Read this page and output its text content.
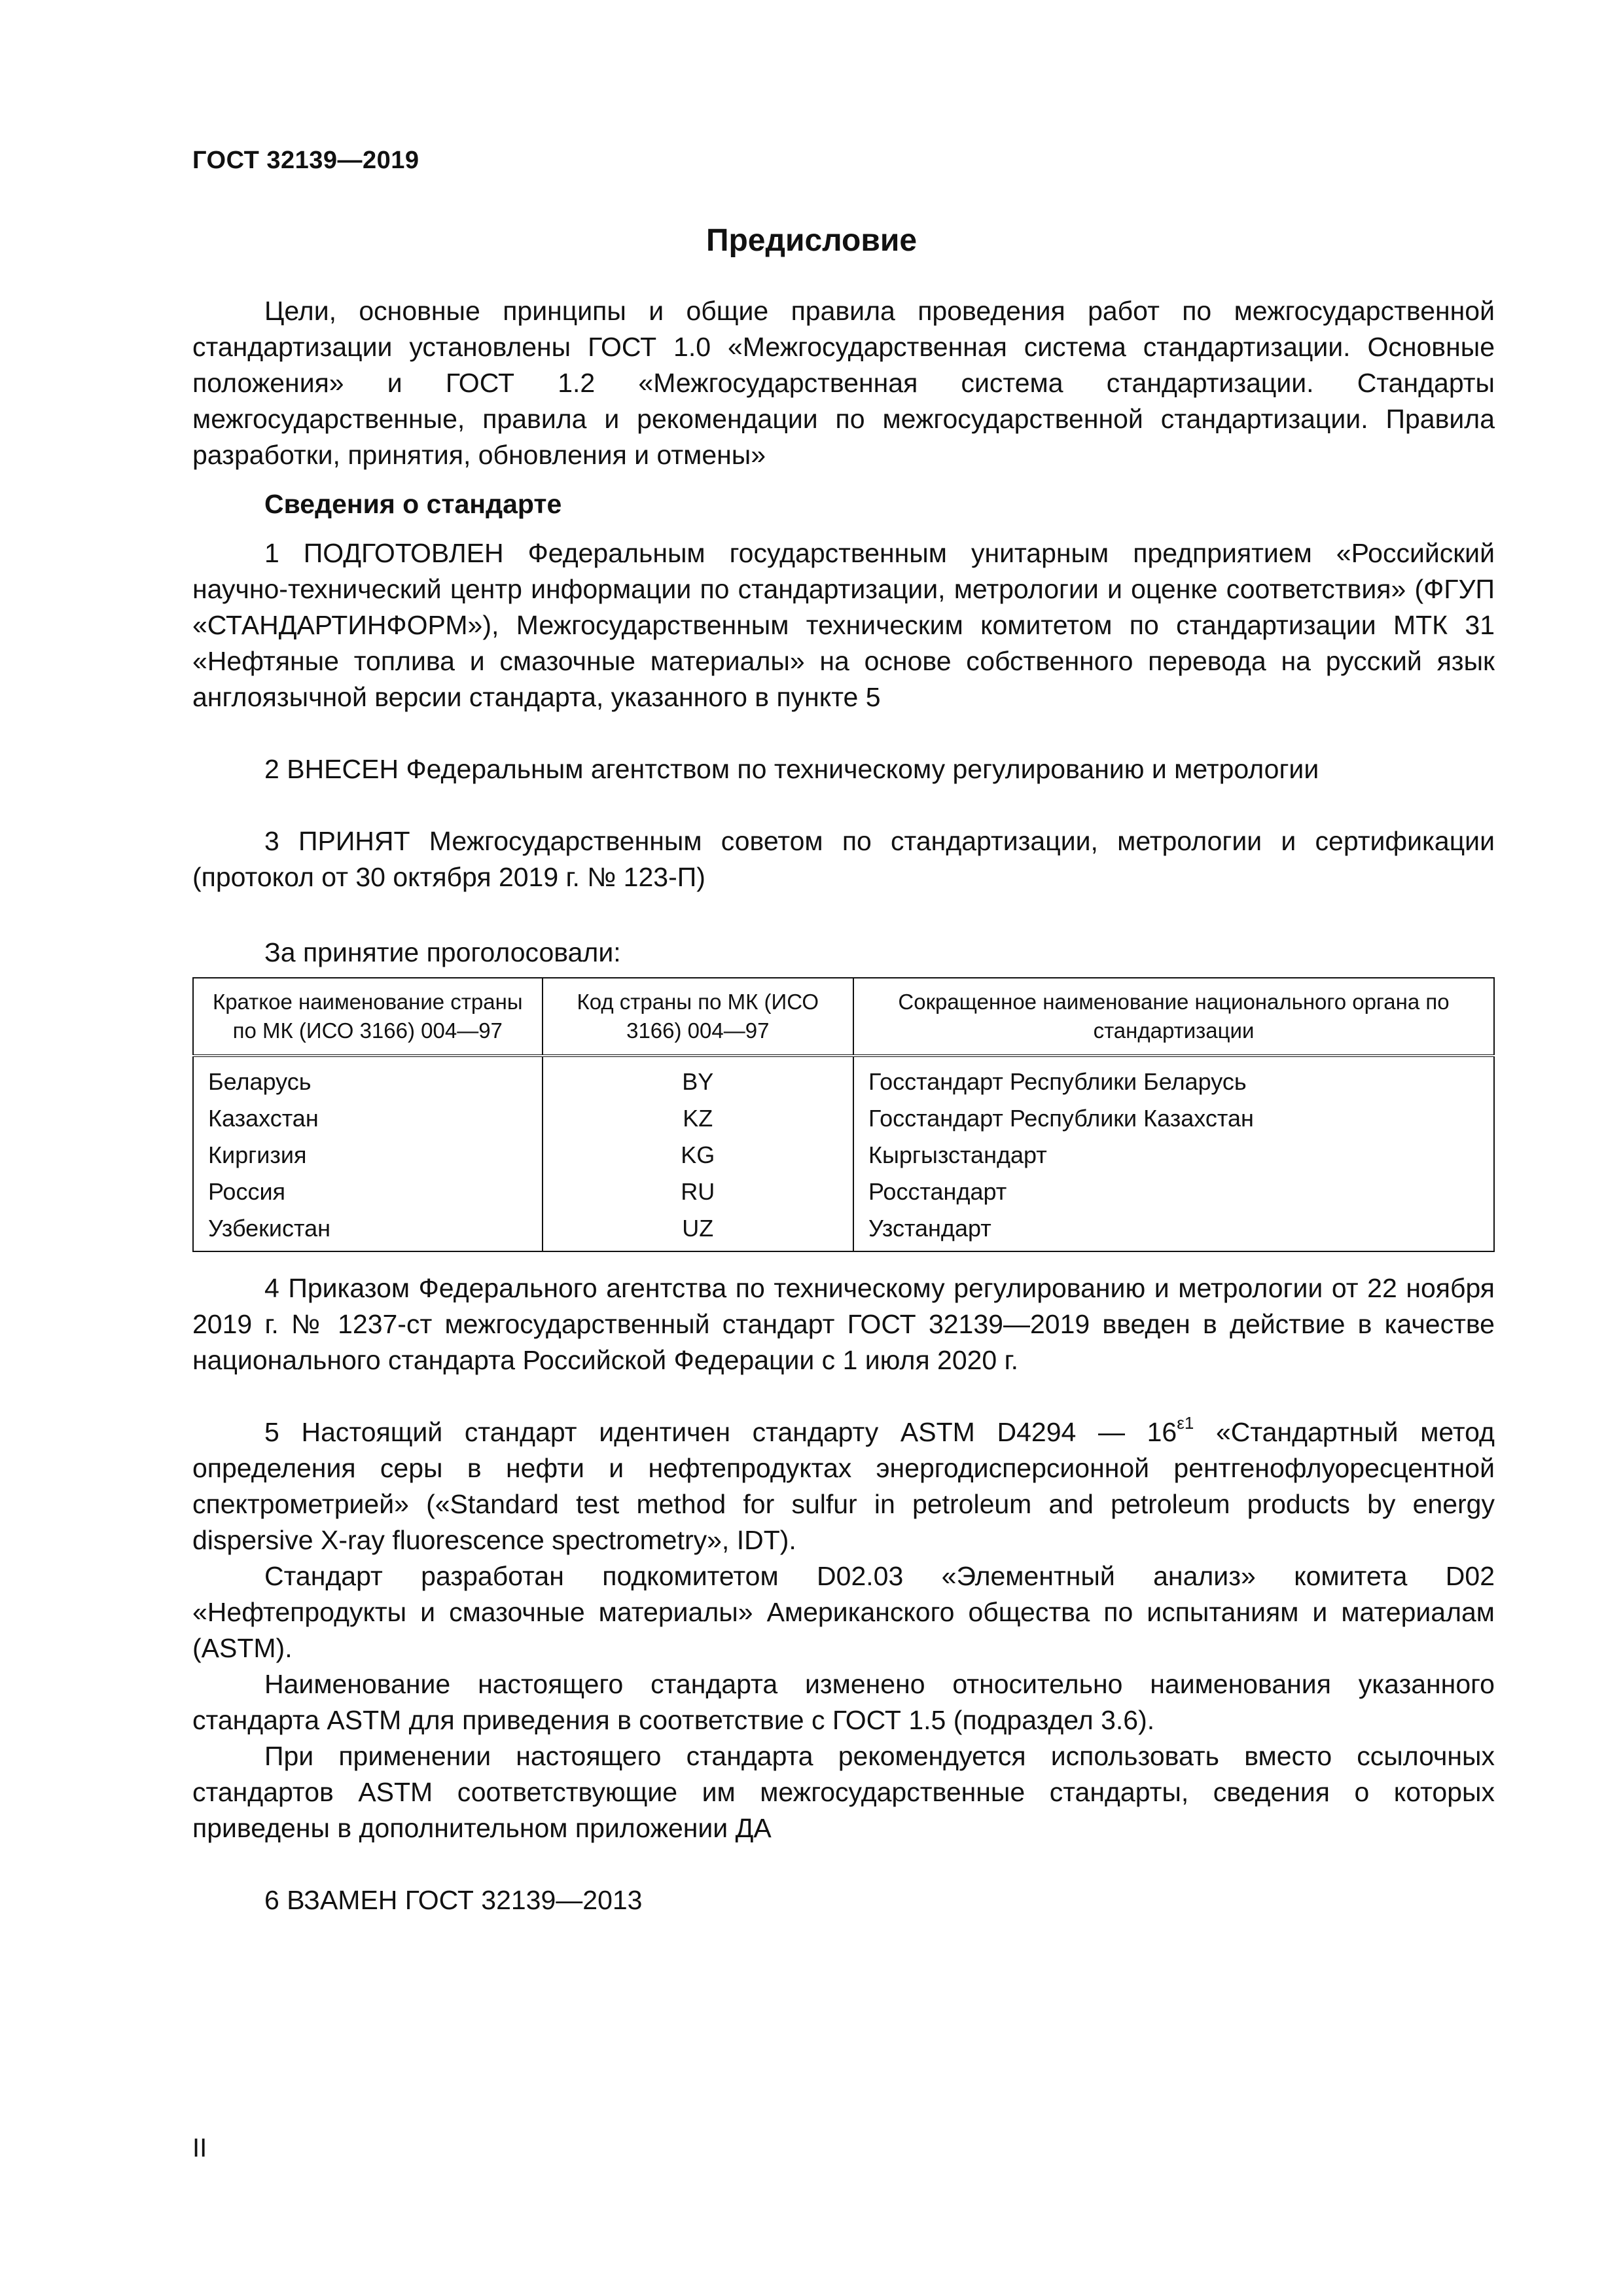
ГОСТ 32139—2019
Предисловие

Цели, основные принципы и общие правила проведения работ по межгосударственной стандартизации установлены ГОСТ 1.0 «Межгосударственная система стандартизации. Основные положения» и ГОСТ 1.2 «Межгосударственная система стандартизации. Стандарты межгосударственные, правила и рекомендации по межгосударственной стандартизации. Правила разработки, принятия, обновления и отмены»

Сведения о стандарте

1 ПОДГОТОВЛЕН Федеральным государственным унитарным предприятием «Российский научно-технический центр информации по стандартизации, метрологии и оценке соответствия» (ФГУП «СТАНДАРТИНФОРМ»), Межгосударственным техническим комитетом по стандартизации МТК 31 «Нефтяные топлива и смазочные материалы» на основе собственного перевода на русский язык англоязычной версии стандарта, указанного в пункте 5

2 ВНЕСЕН Федеральным агентством по техническому регулированию и метрологии

3 ПРИНЯТ Межгосударственным советом по стандартизации, метрологии и сертификации (протокол от 30 октября 2019 г. № 123-П)

За принятие проголосовали:

Краткое наименование страны по МК (ИСО 3166) 004—97	Код страны по МК (ИСО 3166) 004—97	Сокращенное наименование национального органа по стандартизации
Беларусь	BY	Госстандарт Республики Беларусь
Казахстан	KZ	Госстандарт Республики Казахстан
Киргизия	KG	Кыргызстандарт
Россия	RU	Росстандарт
Узбекистан	UZ	Узстандарт

4 Приказом Федерального агентства по техническому регулированию и метрологии от 22 ноября 2019 г. № 1237-ст межгосударственный стандарт ГОСТ 32139—2019 введен в действие в качестве национального стандарта Российской Федерации с 1 июля 2020 г.

5 Настоящий стандарт идентичен стандарту ASTM D4294 — $16^{\varepsilon 1}$ «Стандартный метод определения серы в нефти и нефтепродуктах энергодисперсионной рентгенофлуоресцентной спектрометрией» («Standard test method for sulfur in petroleum and petroleum products by energy dispersive X-ray fluorescence spectrometry», IDT).

Стандарт разработан подкомитетом D02.03 «Элементный анализ» комитета D02 «Нефтепродукты и смазочные материалы» Американского общества по испытаниям и материалам (ASTM).

Наименование настоящего стандарта изменено относительно наименования указанного стандарта ASTM для приведения в соответствие с ГОСТ 1.5 (подраздел 3.6).

При применении настоящего стандарта рекомендуется использовать вместо ссылочных стандартов ASTM соответствующие им межгосударственные стандарты, сведения о которых приведены в дополнительном приложении ДА

6 ВЗАМЕН ГОСТ 32139—2013

II
